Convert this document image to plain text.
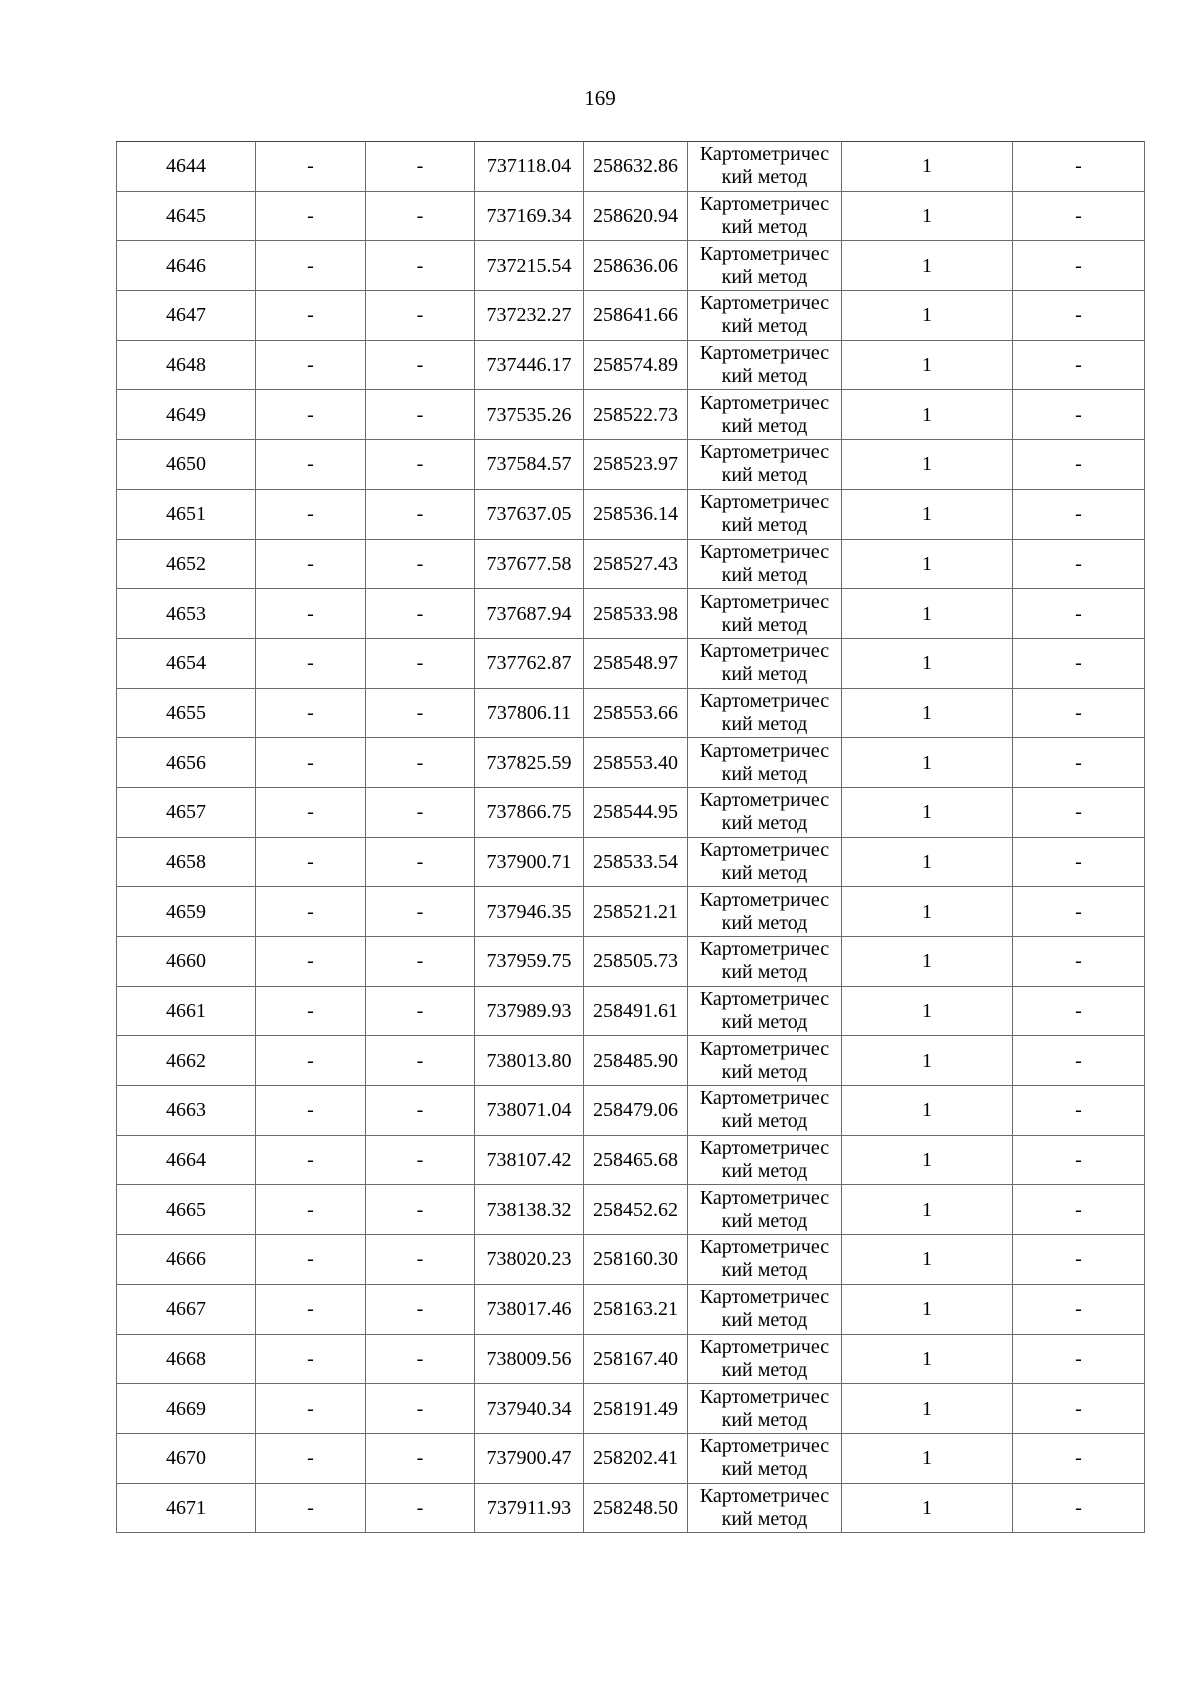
169
4644	-	-	737118.04	258632.86	Картометричес
кий метод	1	-
4645	-	-	737169.34	258620.94	Картометричес
кий метод	1	-
4646	-	-	737215.54	258636.06	Картометричес
кий метод	1	-
4647	-	-	737232.27	258641.66	Картометричес
кий метод	1	-
4648	-	-	737446.17	258574.89	Картометричес
кий метод	1	-
4649	-	-	737535.26	258522.73	Картометричес
кий метод	1	-
4650	-	-	737584.57	258523.97	Картометричес
кий метод	1	-
4651	-	-	737637.05	258536.14	Картометричес
кий метод	1	-
4652	-	-	737677.58	258527.43	Картометричес
кий метод	1	-
4653	-	-	737687.94	258533.98	Картометричес
кий метод	1	-
4654	-	-	737762.87	258548.97	Картометричес
кий метод	1	-
4655	-	-	737806.11	258553.66	Картометричес
кий метод	1	-
4656	-	-	737825.59	258553.40	Картометричес
кий метод	1	-
4657	-	-	737866.75	258544.95	Картометричес
кий метод	1	-
4658	-	-	737900.71	258533.54	Картометричес
кий метод	1	-
4659	-	-	737946.35	258521.21	Картометричес
кий метод	1	-
4660	-	-	737959.75	258505.73	Картометричес
кий метод	1	-
4661	-	-	737989.93	258491.61	Картометричес
кий метод	1	-
4662	-	-	738013.80	258485.90	Картометричес
кий метод	1	-
4663	-	-	738071.04	258479.06	Картометричес
кий метод	1	-
4664	-	-	738107.42	258465.68	Картометричес
кий метод	1	-
4665	-	-	738138.32	258452.62	Картометричес
кий метод	1	-
4666	-	-	738020.23	258160.30	Картометричес
кий метод	1	-
4667	-	-	738017.46	258163.21	Картометричес
кий метод	1	-
4668	-	-	738009.56	258167.40	Картометричес
кий метод	1	-
4669	-	-	737940.34	258191.49	Картометричес
кий метод	1	-
4670	-	-	737900.47	258202.41	Картометричес
кий метод	1	-
4671	-	-	737911.93	258248.50	Картометричес
кий метод	1	-
